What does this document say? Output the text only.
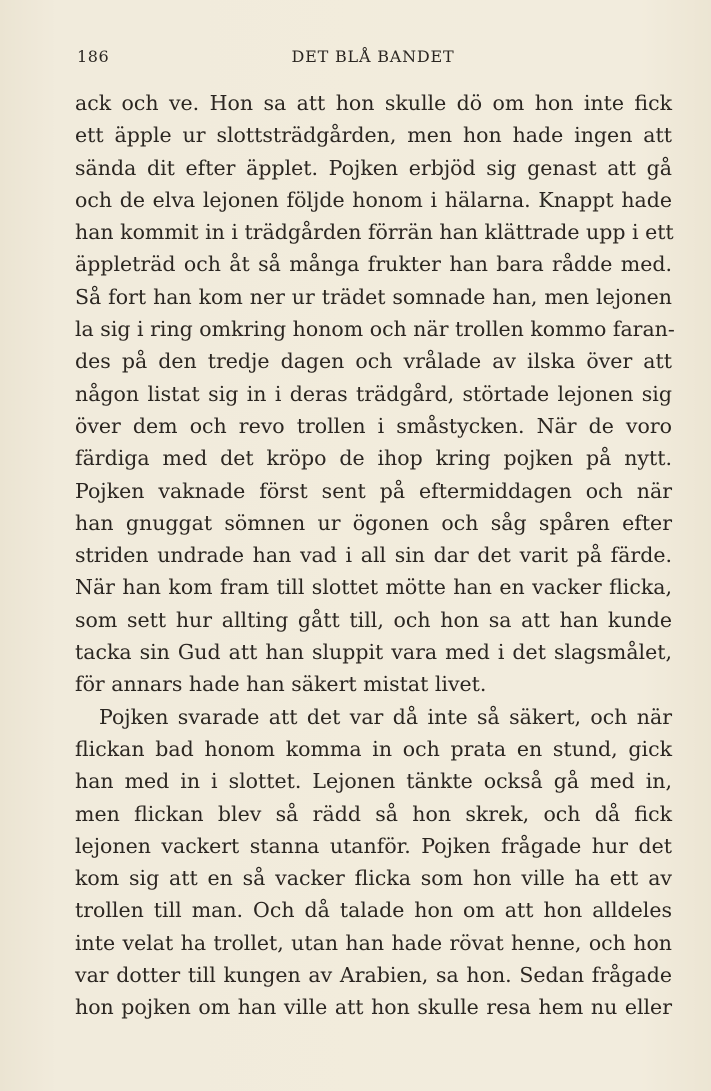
186	DET BLÅ BANDET
ack och ve. Hon sa att hon skulle dö om hon inte fick
ett äpple ur slottsträdgården, men hon hade ingen att
sända dit efter äpplet. Pojken erbjöd sig genast att gå
och de elva lejonen följde honom i hälarna. Knappt hade
han kommit in i trädgården förrän han klättrade upp i ett
äppleträd och åt så många frukter han bara rådde med.
Så fort han kom ner ur trädet somnade han, men lejonen
la sig i ring omkring honom och när trollen kommo faran-
des på den tredje dagen och vrålade av ilska över att
någon listat sig in i deras trädgård, störtade lejonen sig
över dem och revo trollen i småstycken. När de voro
färdiga med det kröpo de ihop kring pojken på nytt.
Pojken vaknade först sent på eftermiddagen och när
han gnuggat sömnen ur ögonen och såg spåren efter
striden undrade han vad i all sin dar det varit på färde.
När han kom fram till slottet mötte han en vacker flicka,
som sett hur allting gått till, och hon sa att han kunde
tacka sin Gud att han sluppit vara med i det slagsmålet,
för annars hade han säkert mistat livet.
Pojken svarade att det var då inte så säkert, och när
flickan bad honom komma in och prata en stund, gick
han med in i slottet. Lejonen tänkte också gå med in,
men flickan blev så rädd så hon skrek, och då fick
lejonen vackert stanna utanför. Pojken frågade hur det
kom sig att en så vacker flicka som hon ville ha ett av
trollen till man. Och då talade hon om att hon alldeles
inte velat ha trollet, utan han hade rövat henne, och hon
var dotter till kungen av Arabien, sa hon. Sedan frågade
hon pojken om han ville att hon skulle resa hem nu eller
